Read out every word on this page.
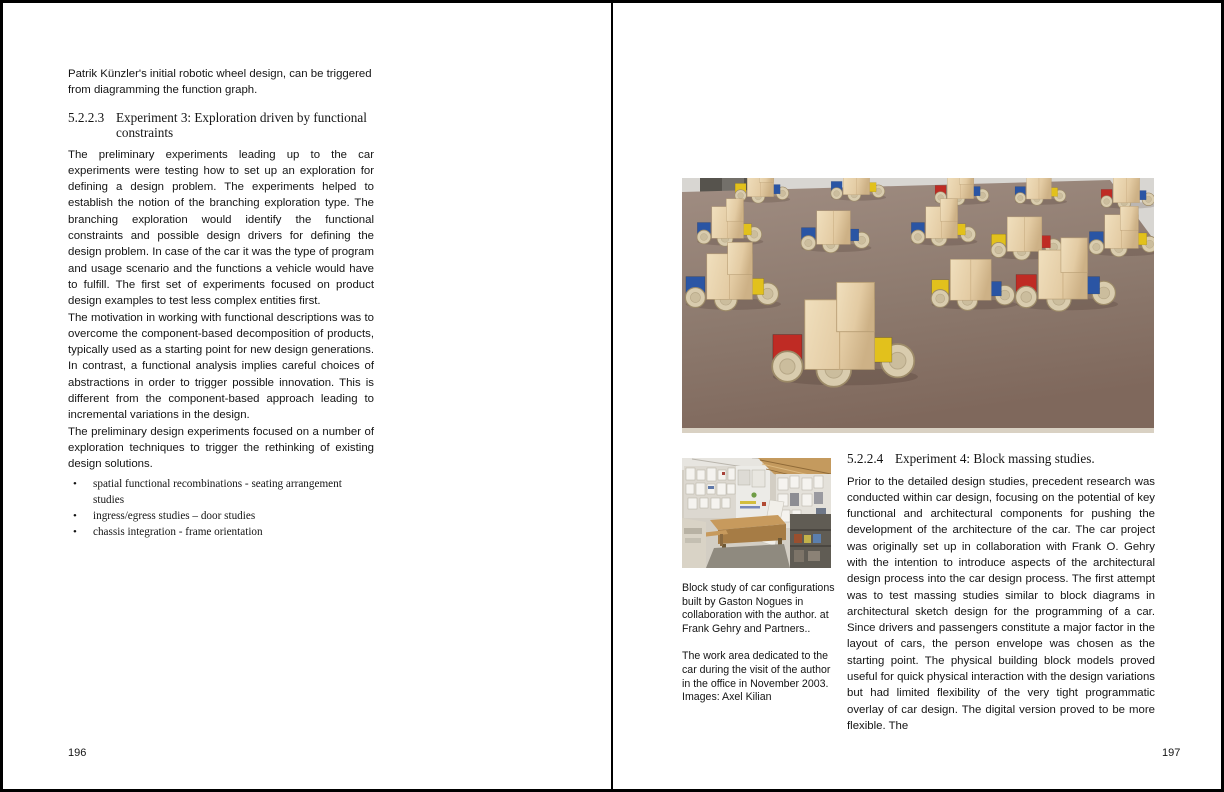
Patrik Künzler's initial robotic wheel design, can be triggered from diagramming the function graph.

5.2.2.3 Experiment 3: Exploration driven by functional constraints

The preliminary experiments leading up to the car experiments were testing how to set up an exploration for defining a design problem. The experiments helped to establish the notion of the branching exploration type. The branching exploration would identify the functional constraints and possible design drivers for defining the design problem. In case of the car it was the type of program and usage scenario and the functions a vehicle would have to fulfill. The first set of experiments focused on product design examples to test less complex entities first.

The motivation in working with functional descriptions was to overcome the component-based decomposition of products, typically used as a starting point for new design generations. In contrast, a functional analysis implies careful choices of abstractions in order to trigger possible innovation. This is different from the component-based approach leading to incremental variations in the design.

The preliminary design experiments focused on a number of exploration techniques to trigger the rethinking of existing design solutions.

• spatial functional recombinations - seating arrangement studies
• ingress/egress studies – door studies
• chassis integration - frame orientation
196

Block study of car configurations built by Gaston Nogues in collaboration with the author. at Frank Gehry and Partners..

The work area dedicated to the car during the visit of the author in the office in November 2003.

Images: Axel Kilian

5.2.2.4 Experiment 4: Block massing studies.

Prior to the detailed design studies, precedent research was conducted within car design, focusing on the potential of key functional and architectural components for pushing the development of the architecture of the car. The car project was originally set up in collaboration with Frank O. Gehry with the intention to introduce aspects of the architectural design process into the car design process. The first attempt was to test massing studies similar to block diagrams in architectural sketch design for the programming of a car. Since drivers and passengers constitute a major factor in the layout of cars, the person envelope was chosen as the starting point. The physical building block models proved useful for quick physical interaction with the design variations but had limited flexibility of the very tight programmatic overlay of car design. The digital version proved to be more flexible. The

197
